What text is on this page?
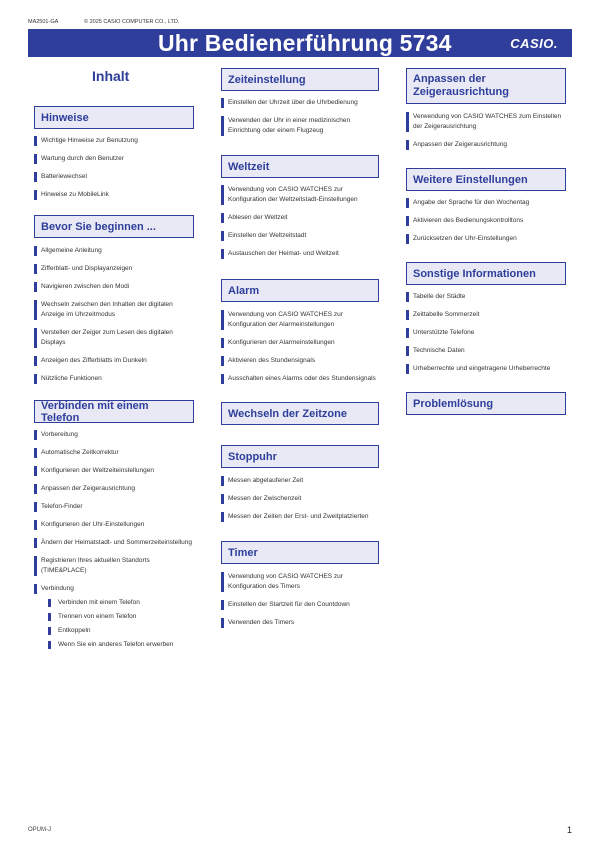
MA2501-GA	© 2025 CASIO COMPUTER CO., LTD.
Uhr Bedienerführung 5734	CASIO.
Inhalt
Hinweise
Wichtige Hinweise zur Benutzung
Wartung durch den Benutzer
Batteriewechsel
Hinweise zu MobileLink
Bevor Sie beginnen ...
Allgemeine Anleitung
Zifferblatt- und Displayanzeigen
Navigieren zwischen den Modi
Wechseln zwischen den Inhalten der digitalen Anzeige im Uhrzeitmodus
Verstellen der Zeiger zum Lesen des digitalen Displays
Anzeigen des Zifferblatts im Dunkeln
Nützliche Funktionen
Verbinden mit einem Telefon
Vorbereitung
Automatische Zeitkorrektur
Konfigurieren der Weltzeiteinstellungen
Anpassen der Zeigerausrichtung
Telefon-Finder
Konfigurieren der Uhr-Einstellungen
Ändern der Heimatstadt- und Sommerzeiteinstellung
Registrieren Ihres aktuellen Standorts (TIME&PLACE)
Verbindung
Verbinden mit einem Telefon
Trennen von einem Telefon
Entkoppeln
Wenn Sie ein anderes Telefon erwerben
Zeiteinstellung
Einstellen der Uhrzeit über die Uhrbedienung
Verwenden der Uhr in einer medizinischen Einrichtung oder einem Flugzeug
Weltzeit
Verwendung von CASIO WATCHES zur Konfiguration der Weltzeitstadt-Einstellungen
Ablesen der Weltzeit
Einstellen der Weltzeitstadt
Austauschen der Heimat- und Weltzeit
Alarm
Verwendung von CASIO WATCHES zur Konfiguration der Alarmeinstellungen
Konfigurieren der Alarmeinstellungen
Aktivieren des Stundensignals
Ausschalten eines Alarms oder des Stundensignals
Wechseln der Zeitzone
Stoppuhr
Messen abgelaufener Zeit
Messen der Zwischenzeit
Messen der Zeiten der Erst- und Zweitplatzierten
Timer
Verwendung von CASIO WATCHES zur Konfiguration des Timers
Einstellen der Startzeit für den Countdown
Verwenden des Timers
Anpassen der Zeigerausrichtung
Verwendung von CASIO WATCHES zum Einstellen der Zeigerausrichtung
Anpassen der Zeigerausrichtung
Weitere Einstellungen
Angabe der Sprache für den Wochentag
Aktivieren des Bedienungskontrolltons
Zurücksetzen der Uhr-Einstellungen
Sonstige Informationen
Tabelle der Städte
Zeittabelle Sommerzeit
Unterstützte Telefone
Technische Daten
Urheberrechte und eingetragene Urheberrechte
Problemlösung
OPUM-J	1
